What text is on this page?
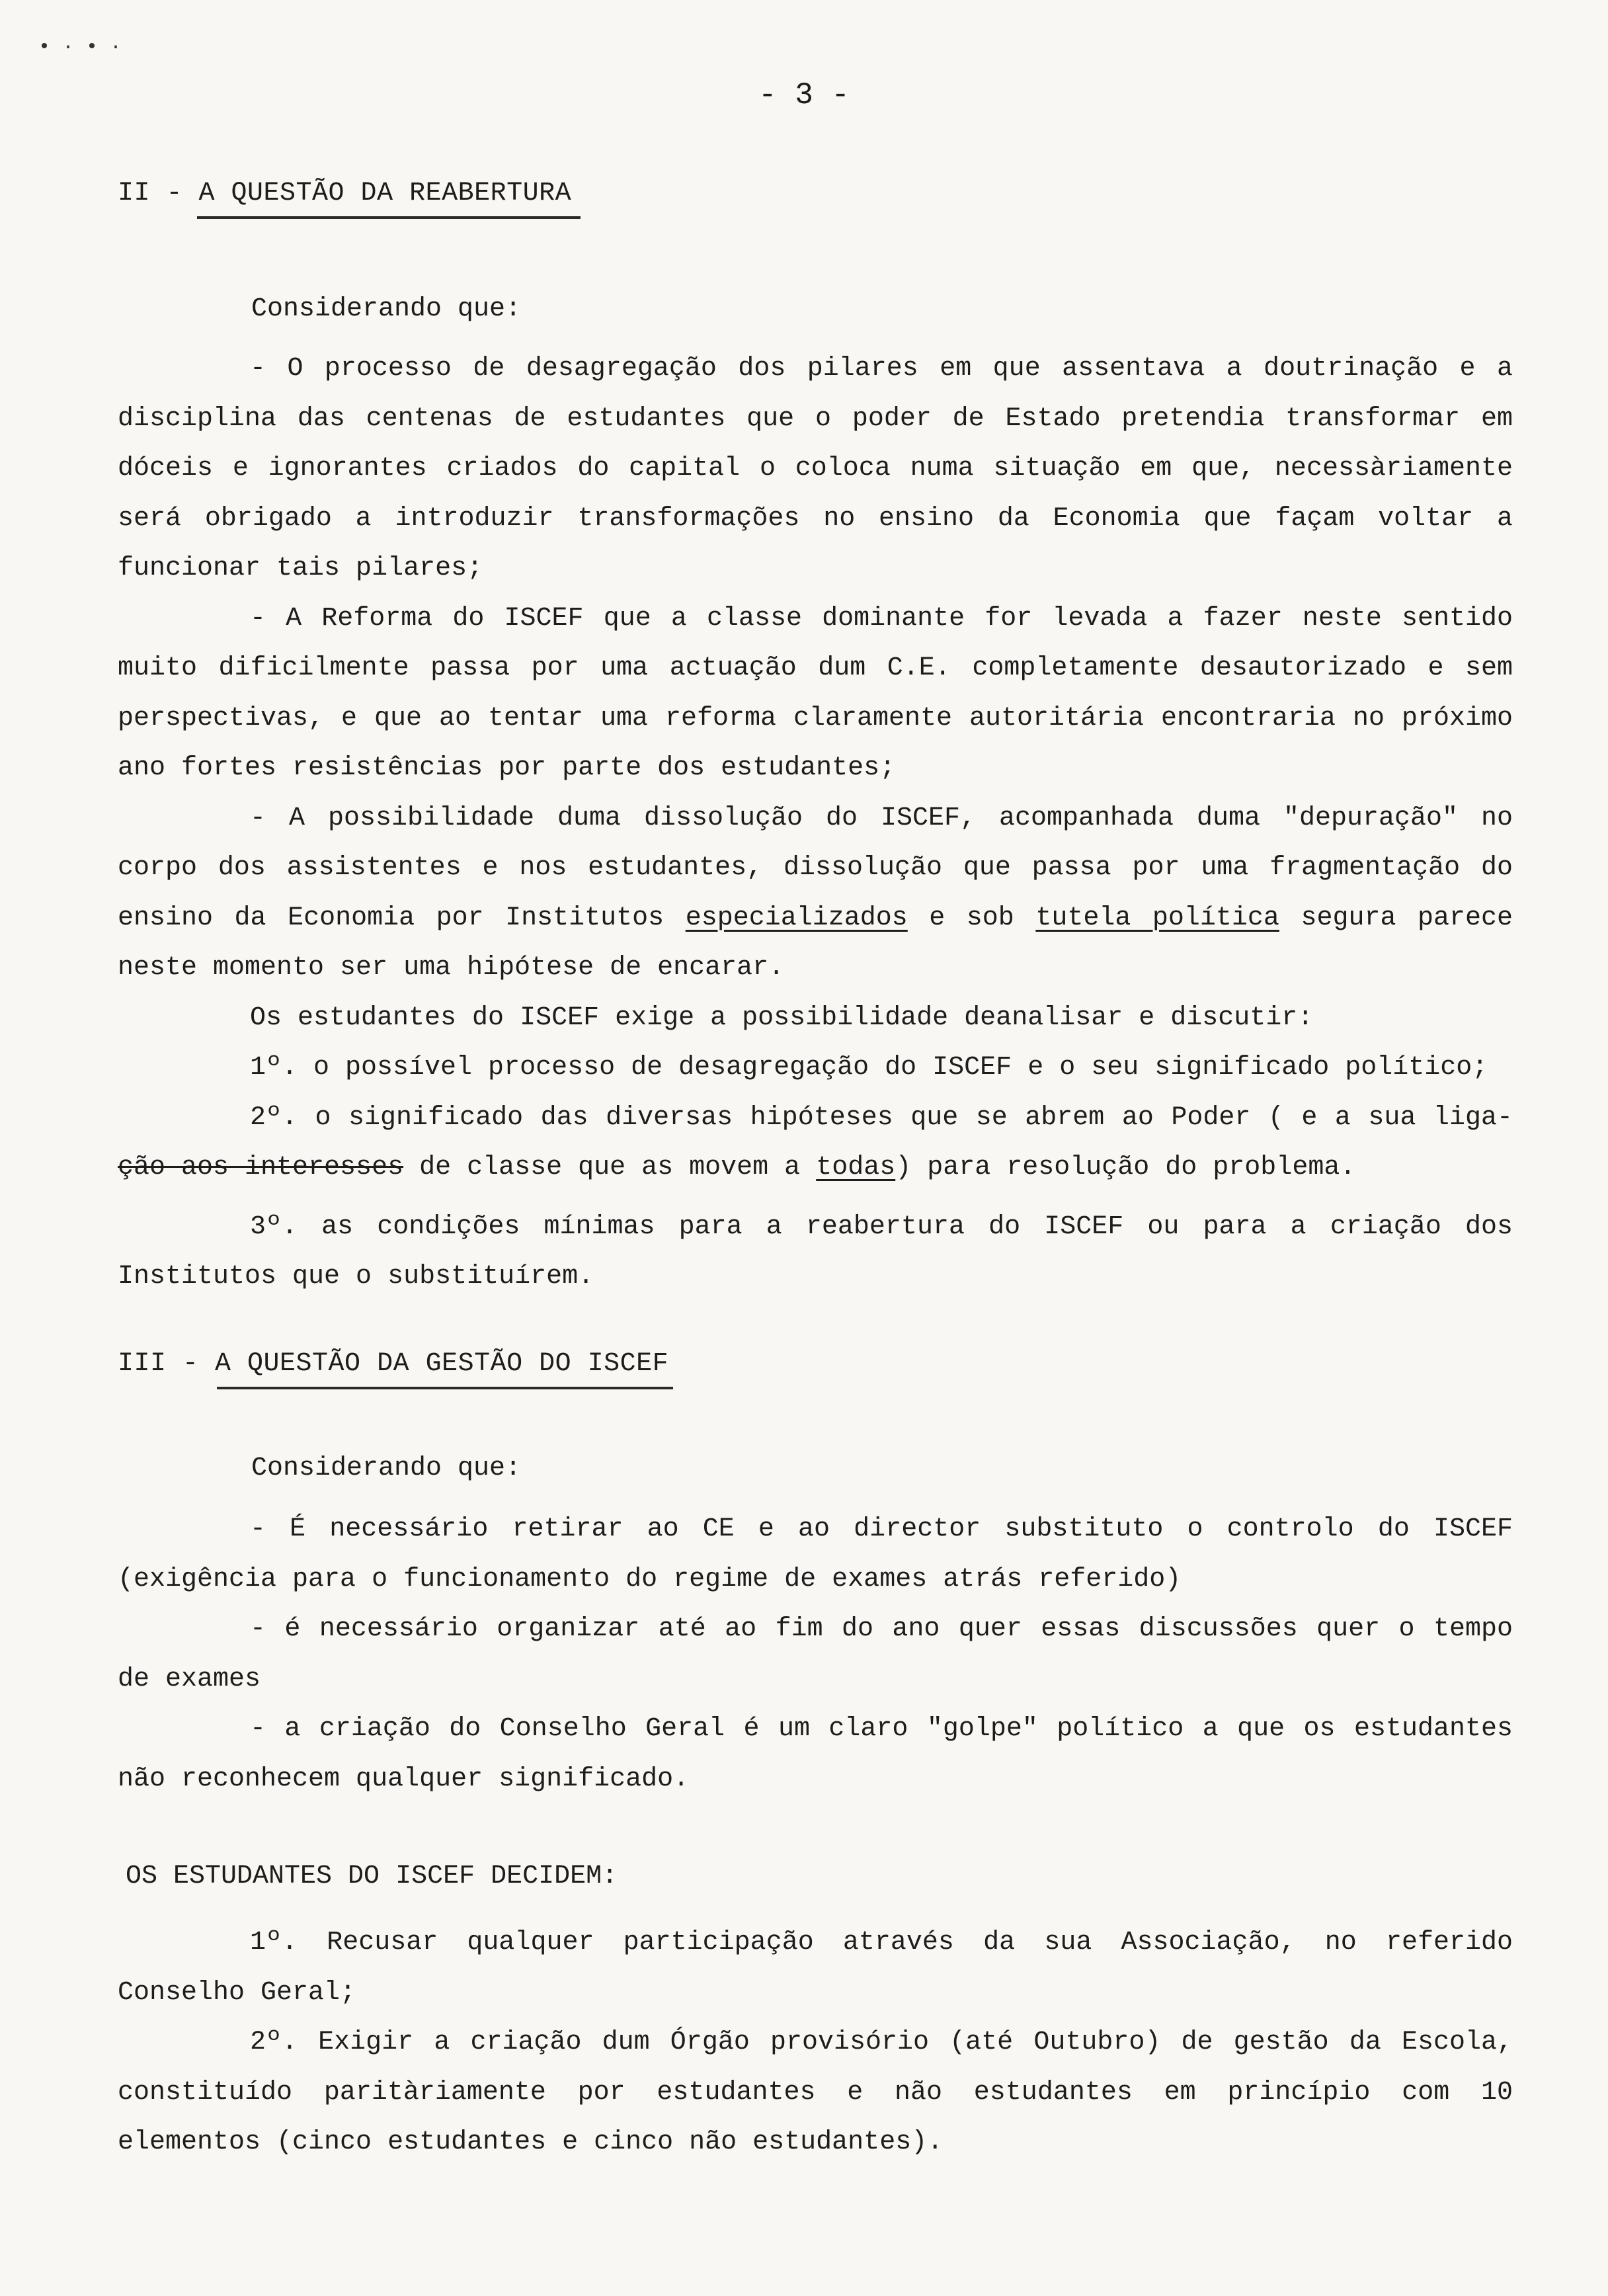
•·•·
- 3 -
II - A QUESTÃO DA REABERTURA
Considerando que:

- O processo de desagregação dos pilares em que assentava a doutrinação e a disciplina das centenas de estudantes que o poder de Estado pretendia transformar em dóceis e ignorantes criados do capital o coloca numa situação em que, necessàriamente será obrigado a introduzir transformações no ensino da Economia que façam voltar a funcionar tais pilares;

- A Reforma do ISCEF que a classe dominante for levada a fazer neste sentido muito dificilmente passa por uma actuação dum C.E. completamente desautorizado e sem perspectivas, e que ao tentar uma reforma claramente autoritária encontraria no próximo ano fortes resistências por parte dos estudantes;

- A possibilidade duma dissolução do ISCEF, acompanhada duma "depuração" no corpo dos assistentes e nos estudantes, dissolução que passa por uma fragmentação do ensino da Economia por Institutos especializados e sob tutela política segura parece neste momento ser uma hipótese de encarar.

Os estudantes do ISCEF exige a possibilidade deanalisar e discutir:

1º. o possível processo de desagregação do ISCEF e o seu significado político;

2º. o significado das diversas hipóteses que se abrem ao Poder ( e a sua liga- ção aos interesses de classe que as movem a todas) para resolução do problema.

3º. as condições mínimas para a reabertura do ISCEF ou para a criação dos Institutos que o substituírem.

III - A QUESTÃO DA GESTÃO DO ISCEF
Considerando que:

- É necessário retirar ao CE e ao director substituto o controlo do ISCEF (exigência para o funcionamento do regime de exames atrás referido)

- é necessário organizar até ao fim do ano quer essas discussões quer o tempo de exames

- a criação do Conselho Geral é um claro "golpe" político a que os estudantes não reconhecem qualquer significado.

OS ESTUDANTES DO ISCEF DECIDEM:

1º. Recusar qualquer participação através da sua Associação, no referido Conselho Geral;

2º. Exigir a criação dum Órgão provisório (até Outubro) de gestão da Escola, constituído paritàriamente por estudantes e não estudantes em princípio com 10 elementos (cinco estudantes e cinco não estudantes).
